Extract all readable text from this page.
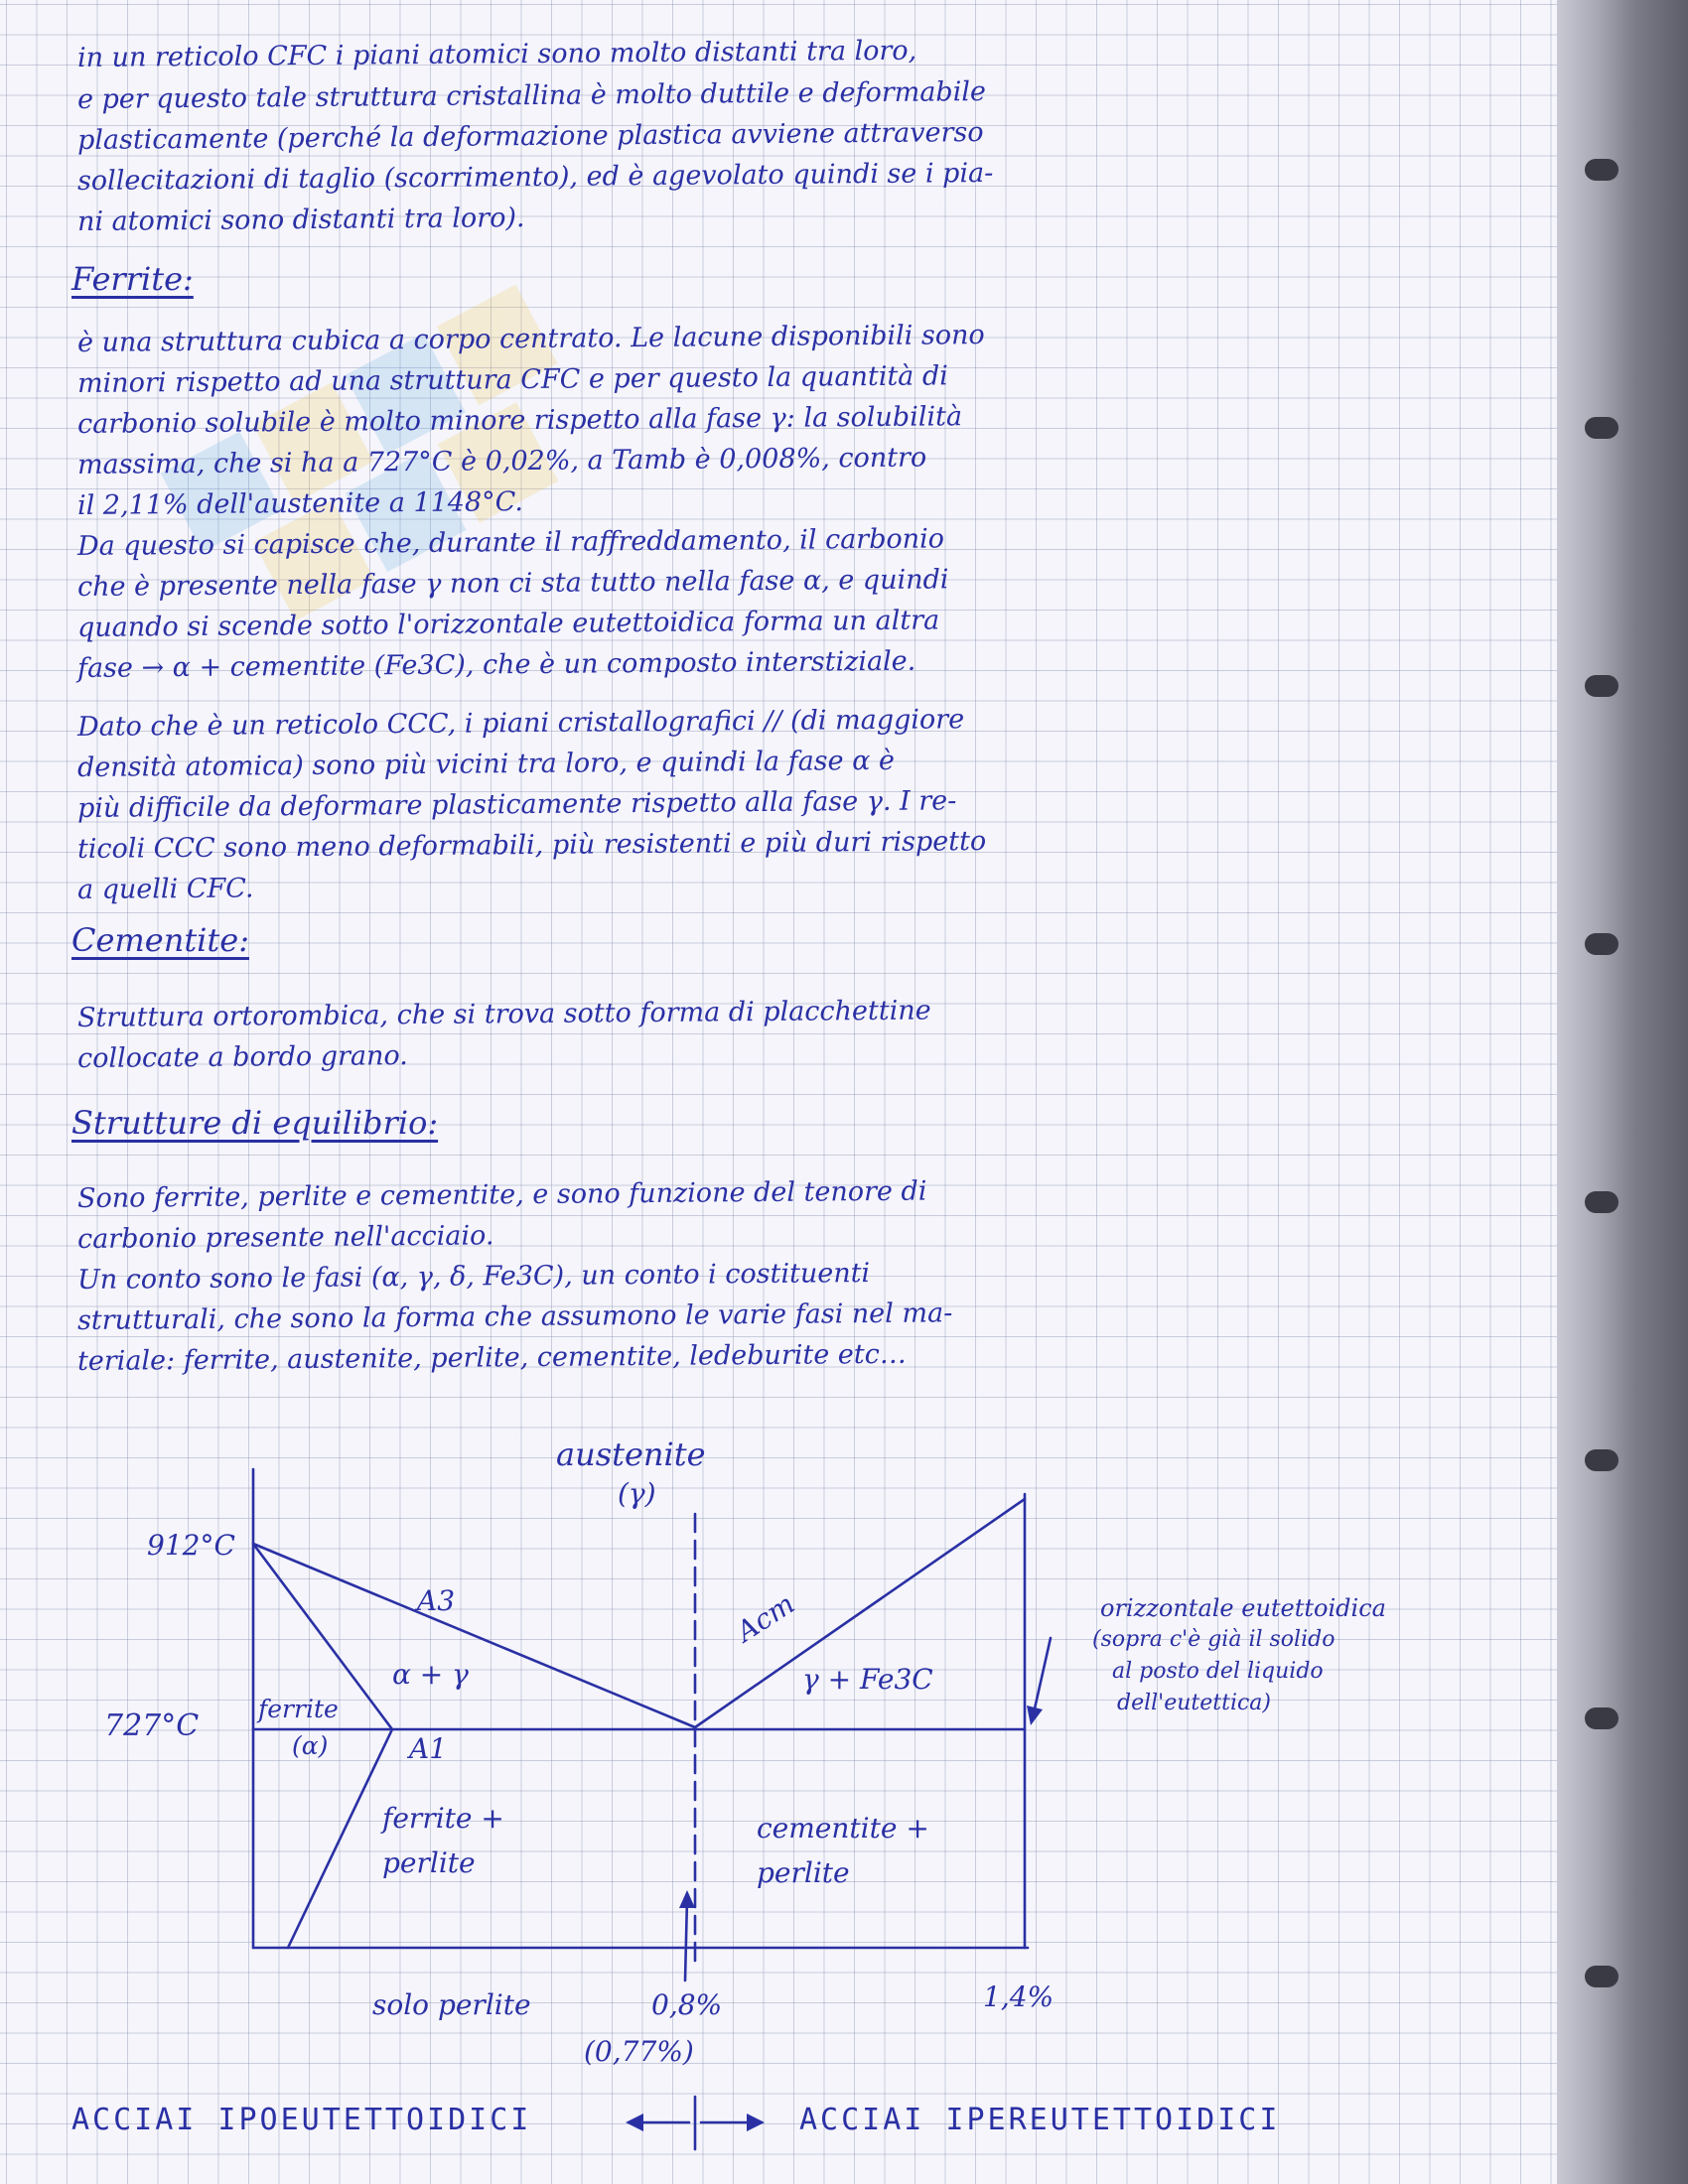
in un reticolo CFC i piani atomici sono molto distanti tra loro,
e per questo tale struttura cristallina è molto duttile e deformabile
plasticamente (perché la deformazione plastica avviene attraverso
sollecitazioni di taglio (scorrimento), ed è agevolato quindi se i pia-
ni atomici sono distanti tra loro).
Ferrite:
è una struttura cubica a corpo centrato. Le lacune disponibili sono
minori rispetto ad una struttura CFC e per questo la quantità di
carbonio solubile è molto minore rispetto alla fase γ: la solubilità
massima, che si ha a 727°C è 0,02%, a Tamb è 0,008%, contro
il 2,11% dell'austenite a 1148°C.
Da questo si capisce che, durante il raffreddamento, il carbonio
che è presente nella fase γ non ci sta tutto nella fase α, e quindi
quando si scende sotto l'orizzontale eutettoidica forma un altra
fase → α + cementite (Fe3C), che è un composto interstiziale.
Dato che è un reticolo CCC, i piani cristallografici // (di maggiore
densità atomica) sono più vicini tra loro, e quindi la fase α è
più difficile da deformare plasticamente rispetto alla fase γ. I re-
ticoli CCC sono meno deformabili, più resistenti e più duri rispetto
a quelli CFC.
Cementite:
Struttura ortorombica, che si trova sotto forma di placchettine
collocate a bordo grano.
Strutture di equilibrio:
Sono ferrite, perlite e cementite, e sono funzione del tenore di
carbonio presente nell'acciaio.
Un conto sono le fasi (α, γ, δ, Fe3C), un conto i costituenti
strutturali, che sono la forma che assumono le varie fasi nel ma-
teriale: ferrite, austenite, perlite, cementite, ledeburite etc…
austenite
(γ)
912°C
727°C
A3	Acm
α + γ	γ + Fe3C
ferrite
(α)	A1
ferrite +
perlite
cementite +
perlite
solo perlite	0,8%
(0,77%)
1,4%
orizzontale eutettoidica
(sopra c'è già il solido
al posto del liquido
dell'eutettica)
ACCIAI IPOEUTETTOIDICI	ACCIAI IPEREUTETTOIDICI
